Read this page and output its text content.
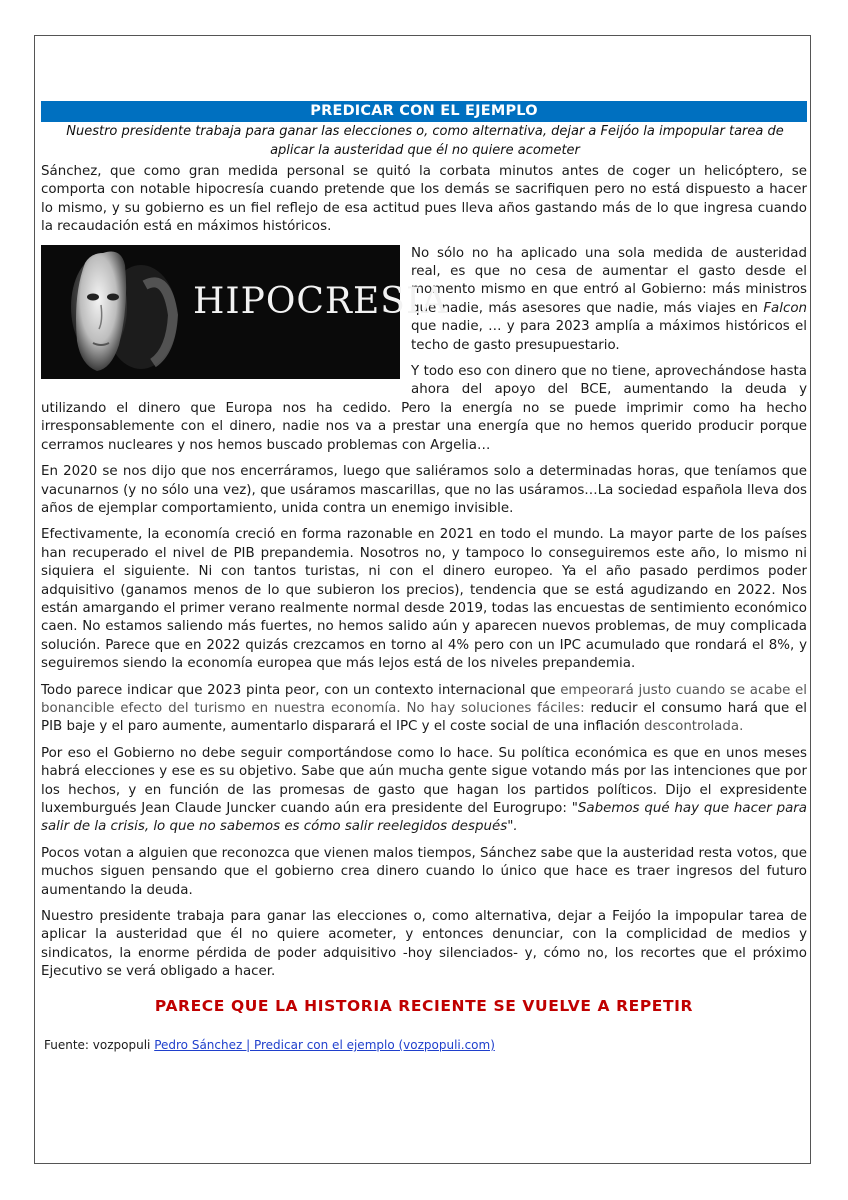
PREDICAR CON EL EJEMPLO
Nuestro presidente trabaja para ganar las elecciones o, como alternativa, dejar a Feijóo la impopular tarea de aplicar la austeridad que él no quiere acometer

Sánchez, que como gran medida personal se quitó la corbata minutos antes de coger un helicóptero, se comporta con notable hipocresía cuando pretende que los demás se sacrifiquen pero no está dispuesto a hacer lo mismo, y su gobierno es un fiel reflejo de esa actitud pues lleva años gastando más de lo que ingresa cuando la recaudación está en máximos históricos.

HIPOCRESIA

No sólo no ha aplicado una sola medida de austeridad real, es que no cesa de aumentar el gasto desde el momento mismo en que entró al Gobierno: más ministros que nadie, más asesores que nadie, más viajes en Falcon que nadie, … y para 2023 amplía a máximos históricos el techo de gasto presupuestario.

Y todo eso con dinero que no tiene, aprovechándose hasta ahora del apoyo del BCE, aumentando la deuda y utilizando el dinero que Europa nos ha cedido. Pero la energía no se puede imprimir como ha hecho irresponsablemente con el dinero, nadie nos va a prestar una energía que no hemos querido producir porque cerramos nucleares y nos hemos buscado problemas con Argelia…

En 2020 se nos dijo que nos encerráramos, luego que saliéramos solo a determinadas horas, que teníamos que vacunarnos (y no sólo una vez), que usáramos mascarillas, que no las usáramos…La sociedad española lleva dos años de ejemplar comportamiento, unida contra un enemigo invisible.

Efectivamente, la economía creció en forma razonable en 2021 en todo el mundo. La mayor parte de los países han recuperado el nivel de PIB prepandemia. Nosotros no, y tampoco lo conseguiremos este año, lo mismo ni siquiera el siguiente. Ni con tantos turistas, ni con el dinero europeo. Ya el año pasado perdimos poder adquisitivo (ganamos menos de lo que subieron los precios), tendencia que se está agudizando en 2022. Nos están amargando el primer verano realmente normal desde 2019, todas las encuestas de sentimiento económico caen. No estamos saliendo más fuertes, no hemos salido aún y aparecen nuevos problemas, de muy complicada solución. Parece que en 2022 quizás crezcamos en torno al 4% pero con un IPC acumulado que rondará el 8%, y seguiremos siendo la economía europea que más lejos está de los niveles prepandemia.

Todo parece indicar que 2023 pinta peor, con un contexto internacional que empeorará justo cuando se acabe el bonancible efecto del turismo en nuestra economía. No hay soluciones fáciles: reducir el consumo hará que el PIB baje y el paro aumente, aumentarlo disparará el IPC y el coste social de una inflación descontrolada.

Por eso el Gobierno no debe seguir comportándose como lo hace. Su política económica es que en unos meses habrá elecciones y ese es su objetivo. Sabe que aún mucha gente sigue votando más por las intenciones que por los hechos, y en función de las promesas de gasto que hagan los partidos políticos. Dijo el expresidente luxemburgués Jean Claude Juncker cuando aún era presidente del Eurogrupo: "Sabemos qué hay que hacer para salir de la crisis, lo que no sabemos es cómo salir reelegidos después".

Pocos votan a alguien que reconozca que vienen malos tiempos, Sánchez sabe que la austeridad resta votos, que muchos siguen pensando que el gobierno crea dinero cuando lo único que hace es traer ingresos del futuro aumentando la deuda.

Nuestro presidente trabaja para ganar las elecciones o, como alternativa, dejar a Feijóo la impopular tarea de aplicar la austeridad que él no quiere acometer, y entonces denunciar, con la complicidad de medios y sindicatos, la enorme pérdida de poder adquisitivo -hoy silenciados- y, cómo no, los recortes que el próximo Ejecutivo se verá obligado a hacer.

PARECE QUE LA HISTORIA RECIENTE SE VUELVE A REPETIR
Fuente: vozpopuli Pedro Sánchez | Predicar con el ejemplo (vozpopuli.com)
